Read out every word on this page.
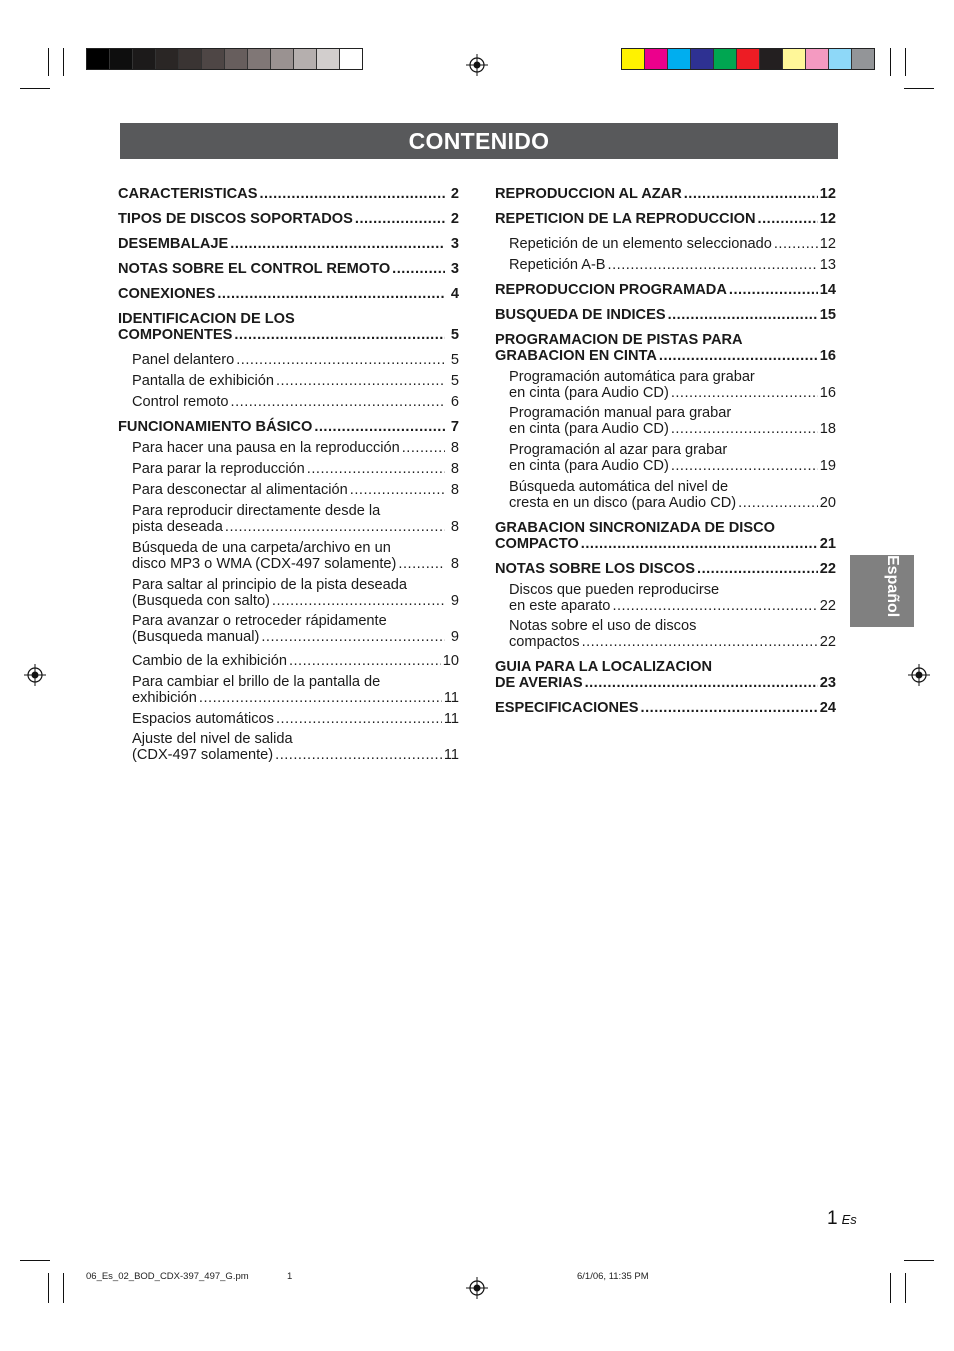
CONTENIDO
Español
CARACTERISTICAS .....	2
TIPOS DE DISCOS SOPORTADOS .....	2
DESEMBALAJE .....	3
NOTAS SOBRE EL CONTROL REMOTO .....	3
CONEXIONES .....	4
IDENTIFICACION DE LOS
COMPONENTES .....	5
Panel delantero .....	5
Pantalla de exhibición .....	5
Control remoto .....	6
FUNCIONAMIENTO BÁSICO .....	7
Para hacer una pausa en la reproducción .....	8
Para parar la reproducción .....	8
Para desconectar al alimentación .....	8
Para reproducir directamente desde la
pista deseada .....	8
Búsqueda de una carpeta/archivo en un
disco MP3 o WMA (CDX-497 solamente) .....	8
Para saltar al principio de la pista deseada
(Busqueda con salto) .....	9
Para avanzar o retroceder rápidamente
(Busqueda manual) .....	9
Cambio de la exhibición .....	10
Para cambiar el brillo de la pantalla de
exhibición .....	11
Espacios automáticos .....	11
Ajuste del nivel de salida
(CDX-497 solamente) .....	11
REPRODUCCION AL AZAR .....	12
REPETICION DE LA REPRODUCCION .....	12
Repetición de un elemento seleccionado .....	12
Repetición A-B .....	13
REPRODUCCION PROGRAMADA .....	14
BUSQUEDA DE INDICES .....	15
PROGRAMACION DE PISTAS PARA
GRABACION EN CINTA .....	16
Programación automática para grabar
en cinta (para Audio CD) .....	16
Programación manual para grabar
en cinta (para Audio CD) .....	18
Programación al azar para grabar
en cinta (para Audio CD) .....	19
Búsqueda automática del nivel de
cresta en un disco (para Audio CD) .....	20
GRABACION SINCRONIZADA DE DISCO
COMPACTO .....	21
NOTAS SOBRE LOS DISCOS .....	22
Discos que pueden reproducirse
en este aparato .....	22
Notas sobre el uso de discos
compactos .....	22
GUIA PARA LA LOCALIZACION
DE AVERIAS .....	23
ESPECIFICACIONES .....	24
1 Es
06_Es_02_BOD_CDX-397_497_G.pm	1	6/1/06, 11:35 PM
